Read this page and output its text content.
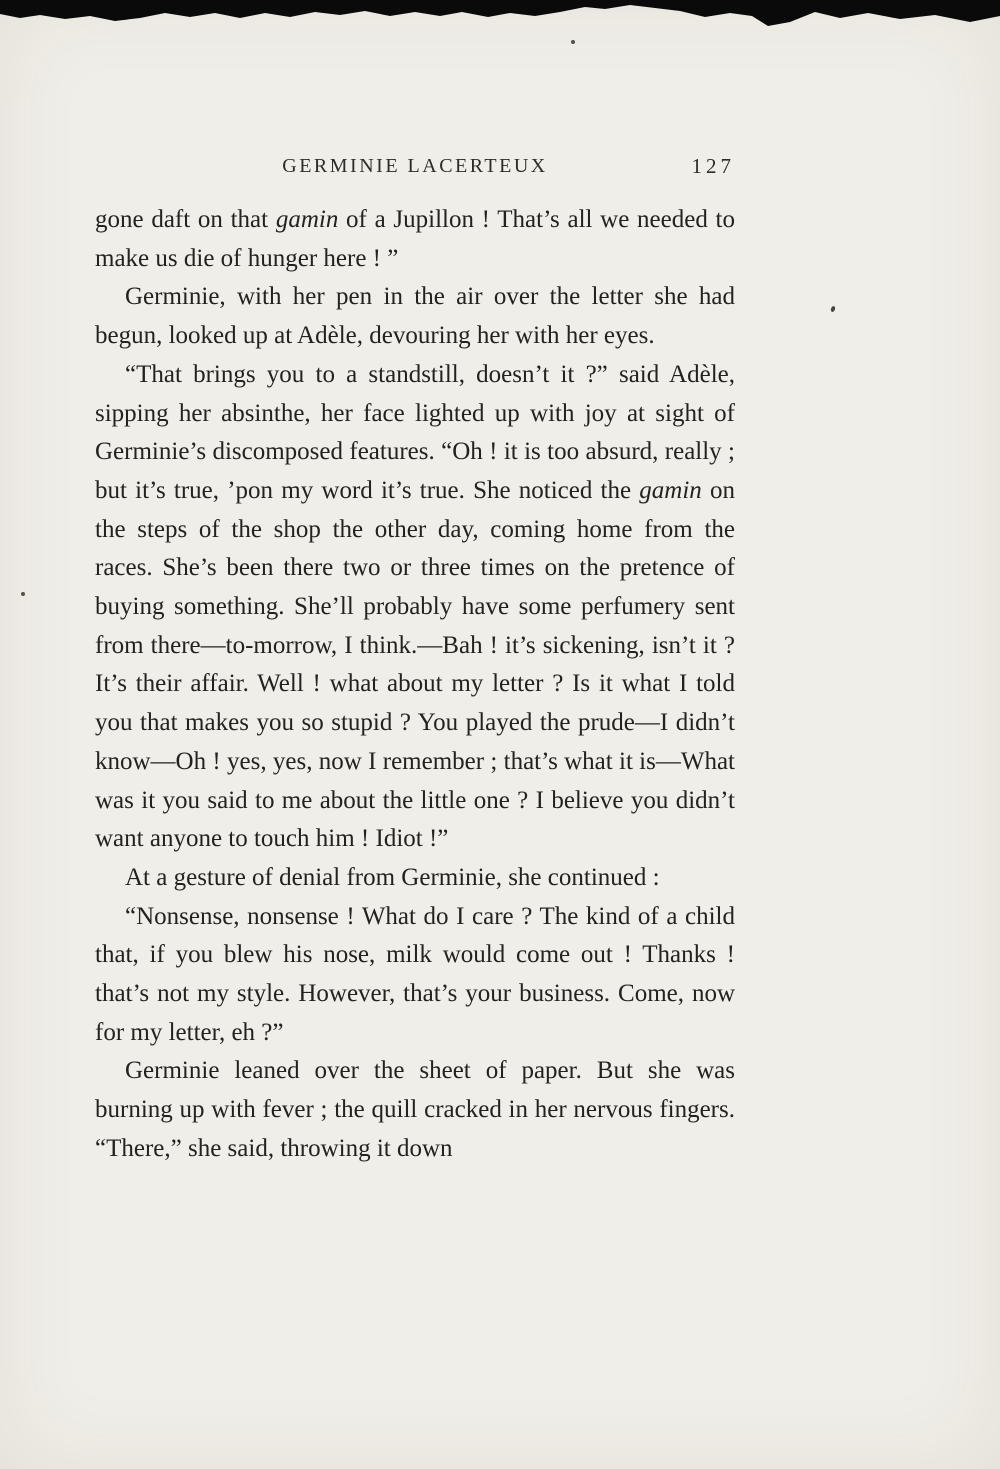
GERMINIE LACERTEUX	127

gone daft on that gamin of a Jupillon ! That’s all we needed to make us die of hunger here ! ”

Germinie, with her pen in the air over the letter she had begun, looked up at Adèle, devouring her with her eyes.

“That brings you to a standstill, doesn’t it ?” said Adèle, sipping her absinthe, her face lighted up with joy at sight of Germinie’s discomposed features. “Oh ! it is too absurd, really ; but it’s true, ’pon my word it’s true. She noticed the gamin on the steps of the shop the other day, coming home from the races. She’s been there two or three times on the pretence of buying something. She’ll probably have some perfumery sent from there—to-morrow, I think.—Bah ! it’s sickening, isn’t it ? It’s their affair. Well ! what about my letter ? Is it what I told you that makes you so stupid ? You played the prude—I didn’t know—Oh ! yes, yes, now I remember ; that’s what it is—What was it you said to me about the little one ? I believe you didn’t want anyone to touch him ! Idiot !”

At a gesture of denial from Germinie, she continued :

“Nonsense, nonsense ! What do I care ? The kind of a child that, if you blew his nose, milk would come out ! Thanks ! that’s not my style. However, that’s your business. Come, now for my letter, eh ?”

Germinie leaned over the sheet of paper. But she was burning up with fever ; the quill cracked in her nervous fingers. “There,” she said, throwing it down
